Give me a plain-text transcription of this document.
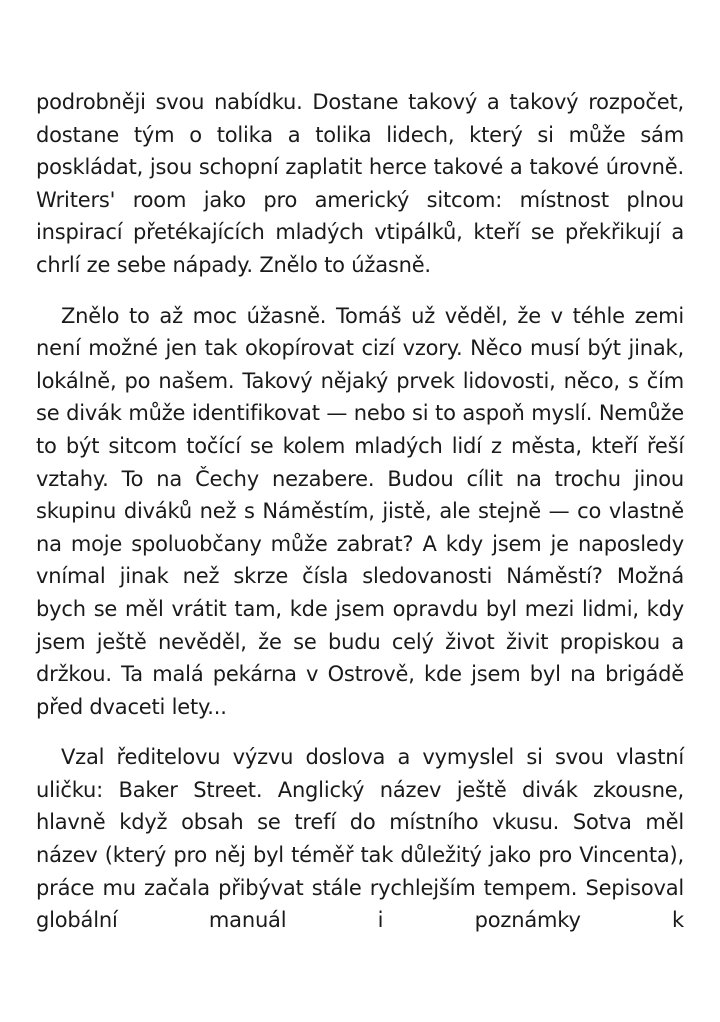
podrobněji svou nabídku. Dostane takový a takový rozpočet, dostane tým o tolika a tolika lidech, který si může sám poskládat, jsou schopní zaplatit herce takové a takové úrovně. Writers' room jako pro americký sitcom: místnost plnou inspirací přetékajících mladých vtipálků, kteří se překřikují a chrlí ze sebe nápady. Znělo to úžasně.

Znělo to až moc úžasně. Tomáš už věděl, že v téhle zemi není možné jen tak okopírovat cizí vzory. Něco musí být jinak, lokálně, po našem. Takový nějaký prvek lidovosti, něco, s čím se divák může identifikovat — nebo si to aspoň myslí. Nemůže to být sitcom točící se kolem mladých lidí z města, kteří řeší vztahy. To na Čechy nezabere. Budou cílit na trochu jinou skupinu diváků než s Náměstím, jistě, ale stejně — co vlastně na moje spoluobčany může zabrat? A kdy jsem je naposledy vnímal jinak než skrze čísla sledovanosti Náměstí? Možná bych se měl vrátit tam, kde jsem opravdu byl mezi lidmi, kdy jsem ještě nevěděl, že se budu celý život živit propiskou a držkou. Ta malá pekárna v Ostrově, kde jsem byl na brigádě před dvaceti lety...

Vzal ředitelovu výzvu doslova a vymyslel si svou vlastní uličku: Baker Street. Anglický název ještě divák zkousne, hlavně když obsah se trefí do místního vkusu. Sotva měl název (který pro něj byl téměř tak důležitý jako pro Vincenta), práce mu začala přibývat stále rychlejším tempem. Sepisoval globální manuál i poznámky k
